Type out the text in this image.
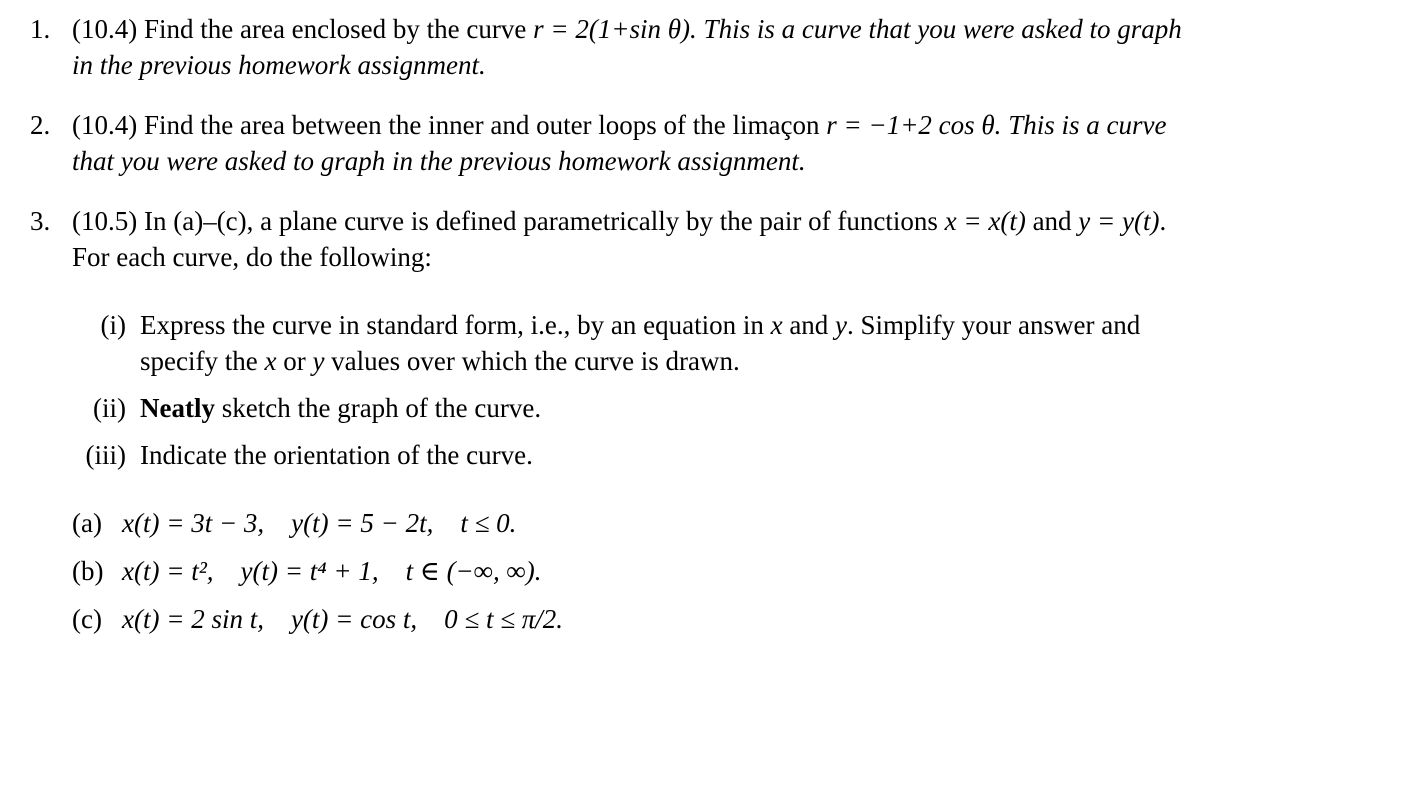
1. (10.4) Find the area enclosed by the curve r = 2(1+sin θ). This is a curve that you were asked to graph
in the previous homework assignment.
2. (10.4) Find the area between the inner and outer loops of the limaçon r = −1+2 cos θ. This is a curve
that you were asked to graph in the previous homework assignment.
3. (10.5) In (a)–(c), a plane curve is defined parametrically by the pair of functions x = x(t) and y = y(t).
For each curve, do the following:
(i) Express the curve in standard form, i.e., by an equation in x and y. Simplify your answer and
specify the x or y values over which the curve is drawn.
(ii) Neatly sketch the graph of the curve.
(iii) Indicate the orientation of the curve.
(a) x(t) = 3t − 3,    y(t) = 5 − 2t,    t ≤ 0.
(b) x(t) = t²,    y(t) = t⁴ + 1,    t ∈ (−∞, ∞).
(c) x(t) = 2 sin t,    y(t) = cos t,    0 ≤ t ≤ π/2.
